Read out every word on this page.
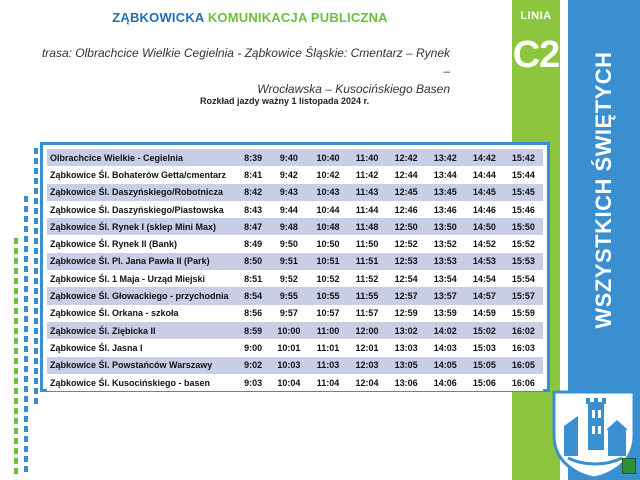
ZĄBKOWICKA KOMUNIKACJA PUBLICZNA
trasa: Olbrachcice Wielkie Cegielnia - Ząbkowice Śląskie: Cmentarz – Rynek –
Wrocławska – Kusocińskiego Basen
Rozkład jazdy ważny 1 listopada 2024 r.
LINIA
C2 WSZYSTKICH ŚWIĘTYCH
Olbrachcice Wielkie - Cegielnia	8:39	9:40	10:40	11:40	12:42	13:42	14:42	15:42
Ząbkowice Śl. Bohaterów Getta/cmentarz	8:41	9:42	10:42	11:42	12:44	13:44	14:44	15:44
Ząbkowice Śl. Daszyńskiego/Robotnicza	8:42	9:43	10:43	11:43	12:45	13:45	14:45	15:45
Ząbkowice Śl. Daszyńskiego/Piastowska	8:43	9:44	10:44	11:44	12:46	13:46	14:46	15:46
Ząbkowice Śl. Rynek I (sklep Mini Max)	8:47	9:48	10:48	11:48	12:50	13:50	14:50	15:50
Ząbkowice Śl. Rynek II (Bank)	8:49	9:50	10:50	11:50	12:52	13:52	14:52	15:52
Ząbkowice Śl. Pl. Jana Pawła II (Park)	8:50	9:51	10:51	11:51	12:53	13:53	14:53	15:53
Ząbkowice Śl. 1 Maja - Urząd Miejski	8:51	9:52	10:52	11:52	12:54	13:54	14:54	15:54
Ząbkowice Śl. Głowackiego - przychodnia	8:54	9:55	10:55	11:55	12:57	13:57	14:57	15:57
Ząbkowice Śl. Orkana - szkoła	8:56	9:57	10:57	11:57	12:59	13:59	14:59	15:59
Ząbkowice Śl. Ziębicka II	8:59	10:00	11:00	12:00	13:02	14:02	15:02	16:02
Ząbkowice Śl. Jasna I	9:00	10:01	11:01	12:01	13:03	14:03	15:03	16:03
Ząbkowice Śl. Powstańców Warszawy	9:02	10:03	11:03	12:03	13:05	14:05	15:05	16:05
Ząbkowice Śl. Kusocińskiego - basen	9:03	10:04	11:04	12:04	13:06	14:06	15:06	16:06
